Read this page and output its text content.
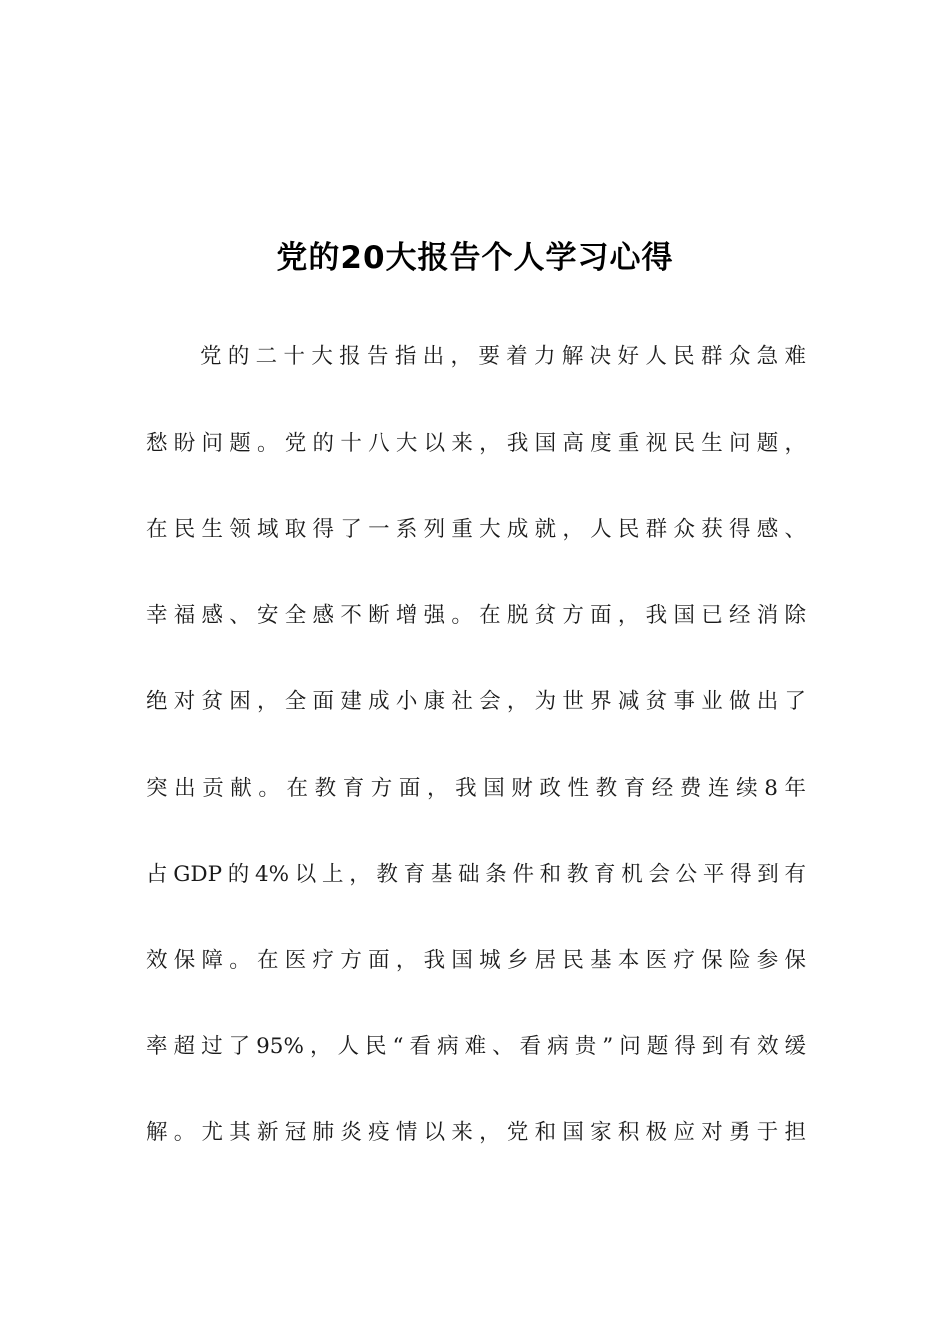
党的20大报告个人学习心得
党的二十大报告指出，要着力解决好人民群众急难
愁盼问题。党的十八大以来，我国高度重视民生问题，
在民生领域取得了一系列重大成就，人民群众获得感、
幸福感、安全感不断增强。在脱贫方面，我国已经消除
绝对贫困，全面建成小康社会，为世界减贫事业做出了
突出贡献。在教育方面，我国财政性教育经费连续8年
占GDP的4%以上，教育基础条件和教育机会公平得到有
效保障。在医疗方面，我国城乡居民基本医疗保险参保
率超过了95%，人民“看病难、看病贵”问题得到有效缓
解。尤其新冠肺炎疫情以来，党和国家积极应对勇于担
